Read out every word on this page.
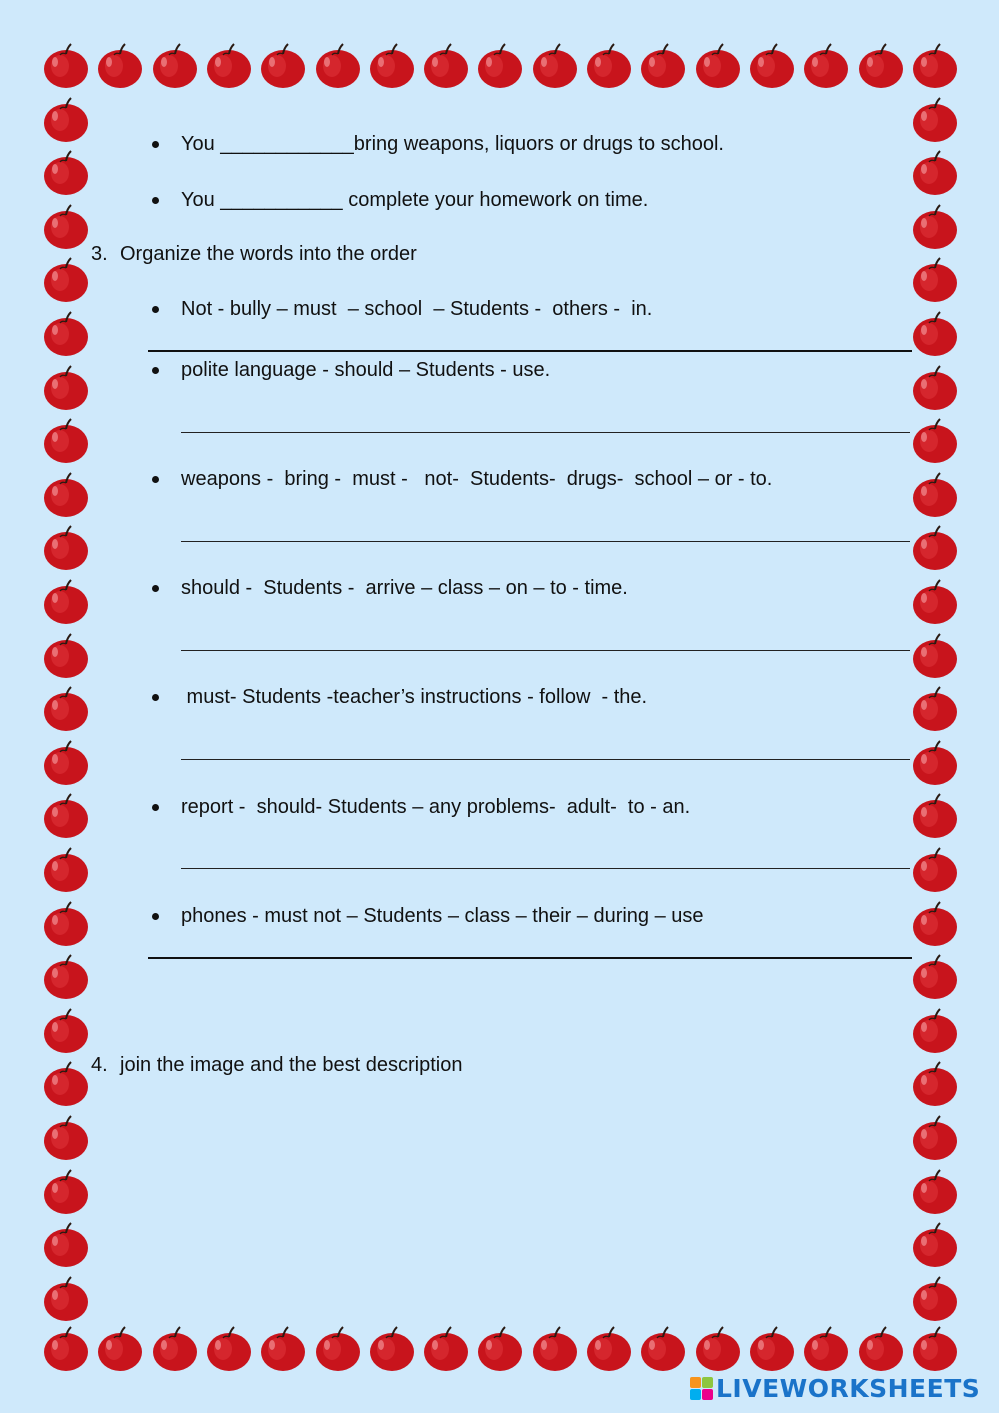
You ____________bring weapons, liquors or drugs to school.
You ___________ complete your homework on time.
3. Organize the words into the order
Not - bully – must  – school  – Students -  others -  in.
polite language - should – Students - use.
weapons -  bring -  must -   not-  Students-  drugs-  school – or - to.
should -  Students -  arrive – class – on – to - time.
must- Students -teacher’s instructions - follow  - the.
report -  should- Students – any problems-  adult-  to - an.
phones - must not – Students – class – their – during – use
4. join the image and the best description
LIVEWORKSHEETS
